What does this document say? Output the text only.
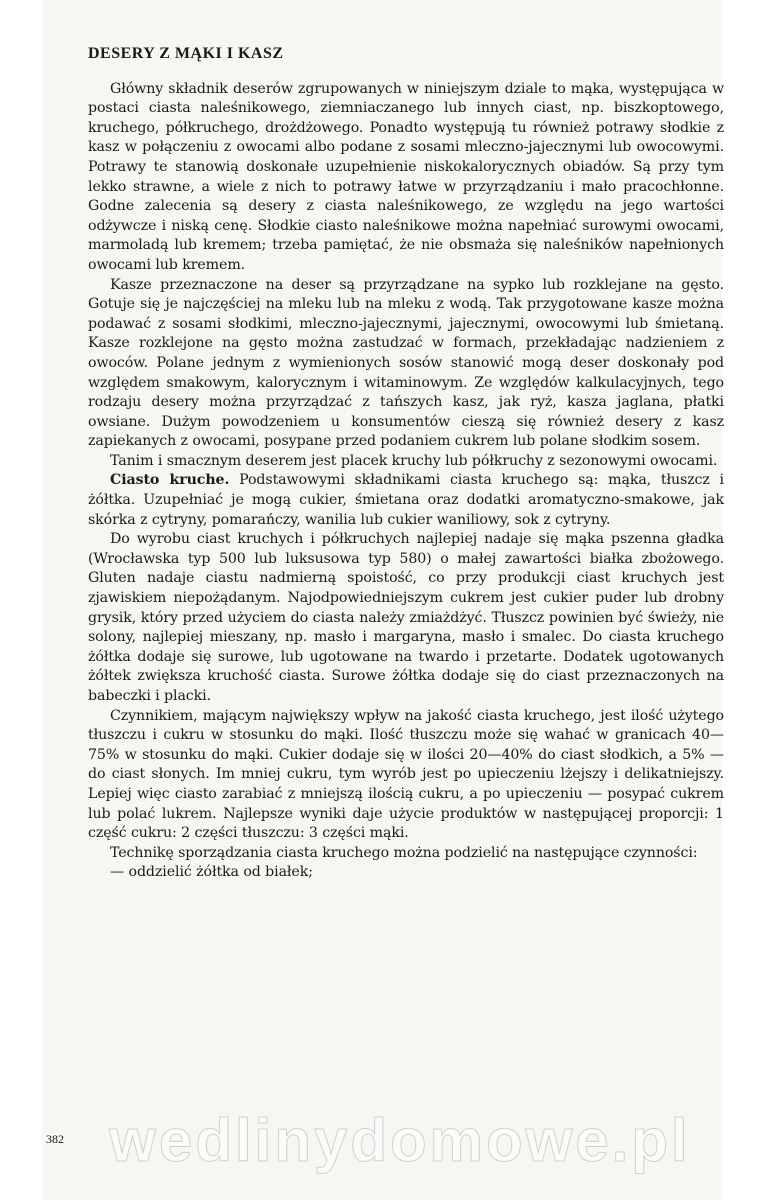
DESERY Z MĄKI I KASZ

Główny składnik deserów zgrupowanych w niniejszym dziale to mąka, występująca w postaci ciasta naleśnikowego, ziemniaczanego lub innych ciast, np. biszkoptowego, kruchego, półkruchego, drożdżowego. Ponadto występują tu również potrawy słodkie z kasz w połączeniu z owocami albo podane z sosami mleczno-jajecznymi lub owocowymi. Potrawy te stanowią doskonałe uzupełnienie niskokalorycznych obiadów. Są przy tym lekko strawne, a wiele z nich to potrawy łatwe w przyrządzaniu i mało pracochłonne. Godne zalecenia są desery z ciasta naleśnikowego, ze względu na jego wartości odżywcze i niską cenę. Słodkie ciasto naleśnikowe można napełniać surowymi owocami, marmoladą lub kremem; trzeba pamiętać, że nie obsmaża się naleśników napełnionych owocami lub kremem.

Kasze przeznaczone na deser są przyrządzane na sypko lub rozklejane na gęsto. Gotuje się je najczęściej na mleku lub na mleku z wodą. Tak przygotowane kasze można podawać z sosami słodkimi, mleczno-jajecznymi, jajecznymi, owocowymi lub śmietaną. Kasze rozklejone na gęsto można zastudzać w formach, przekładając nadzieniem z owoców. Polane jednym z wymienionych sosów stanowić mogą deser doskonały pod względem smakowym, kalorycznym i witaminowym. Ze względów kalkulacyjnych, tego rodzaju desery można przyrządzać z tańszych kasz, jak ryż, kasza jaglana, płatki owsiane. Dużym powodzeniem u konsumentów cieszą się również desery z kasz zapiekanych z owocami, posypane przed podaniem cukrem lub polane słodkim sosem.

Tanim i smacznym deserem jest placek kruchy lub półkruchy z sezonowymi owocami.

Ciasto kruche. Podstawowymi składnikami ciasta kruchego są: mąka, tłuszcz i żółtka. Uzupełniać je mogą cukier, śmietana oraz dodatki aromatyczno-smakowe, jak skórka z cytryny, pomarańczy, wanilia lub cukier waniliowy, sok z cytryny.

Do wyrobu ciast kruchych i półkruchych najlepiej nadaje się mąka pszenna gładka (Wrocławska typ 500 lub luksusowa typ 580) o małej zawartości białka zbożowego. Gluten nadaje ciastu nadmierną spoistość, co przy produkcji ciast kruchych jest zjawiskiem niepożądanym. Najodpowiedniejszym cukrem jest cukier puder lub drobny grysik, który przed użyciem do ciasta należy zmiażdżyć. Tłuszcz powinien być świeży, nie solony, najlepiej mieszany, np. masło i margaryna, masło i smalec. Do ciasta kruchego żółtka dodaje się surowe, lub ugotowane na twardo i przetarte. Dodatek ugotowanych żółtek zwiększa kruchość ciasta. Surowe żółtka dodaje się do ciast przeznaczonych na babeczki i placki.

Czynnikiem, mającym największy wpływ na jakość ciasta kruchego, jest ilość użytego tłuszczu i cukru w stosunku do mąki. Ilość tłuszczu może się wahać w granicach 40—75% w stosunku do mąki. Cukier dodaje się w ilości 20—40% do ciast słodkich, a 5% — do ciast słonych. Im mniej cukru, tym wyrób jest po upieczeniu lżejszy i delikatniejszy. Lepiej więc ciasto zarabiać z mniejszą ilością cukru, a po upieczeniu — posypać cukrem lub polać lukrem. Najlepsze wyniki daje użycie produktów w następującej proporcji: 1 część cukru: 2 części tłuszczu: 3 części mąki.

Technikę sporządzania ciasta kruchego można podzielić na następujące czynności:

— oddzielić żółtka od białek;

382 wedlinydomowe.pl
